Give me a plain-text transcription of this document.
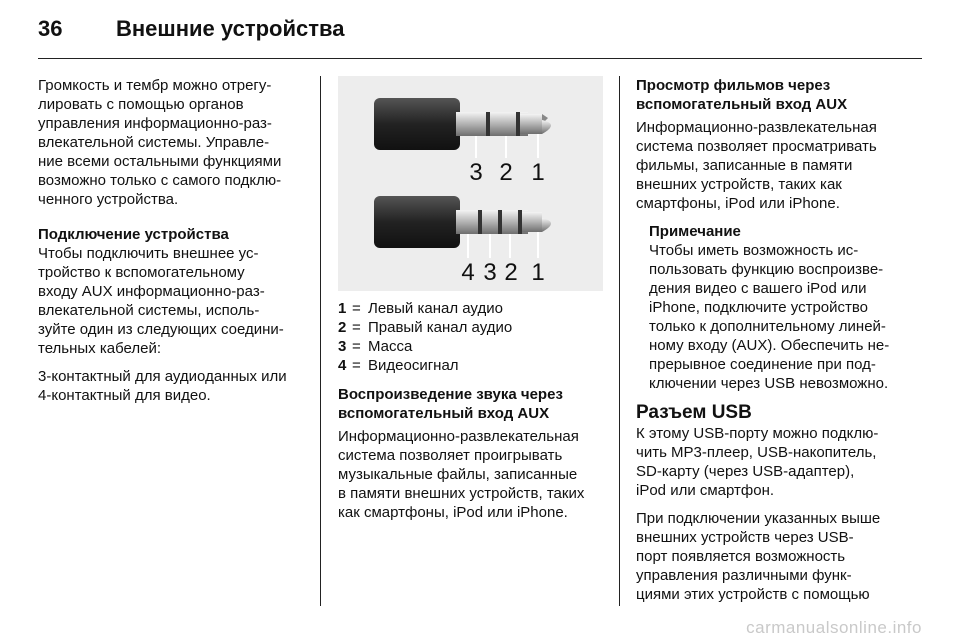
36	Внешние устройства

Громкость и тембр можно отрегу-
лировать с помощью органов
управления информационно-раз-
влекательной системы. Управле-
ние всеми остальными функциями
возможно только с самого подклю-
ченного устройства.

Подключение устройства
Чтобы подключить внешнее ус-
тройство к вспомогательному
входу AUX информационно-раз-
влекательной системы, исполь-
зуйте один из следующих соедини-
тельных кабелей:

3-контактный для аудиоданных или
4-контактный для видео.

3 2 1
4 3 2 1
1 = Левый канал аудио
2 = Правый канал аудио
3 = Масса
4 = Видеосигнал

Воспроизведение звука через
вспомогательный вход AUX

Информационно-развлекательная
система позволяет проигрывать
музыкальные файлы, записанные
в памяти внешних устройств, таких
как смартфоны, iPod или iPhone.

Просмотр фильмов через
вспомогательный вход AUX

Информационно-развлекательная
система позволяет просматривать
фильмы, записанные в памяти
внешних устройств, таких как
смартфоны, iPod или iPhone.

Примечание
Чтобы иметь возможность ис-
пользовать функцию воспроизве-
дения видео с вашего iPod или
iPhone, подключите устройство
только к дополнительному линей-
ному входу (AUX). Обеспечить не-
прерывное соединение при под-
ключении через USB невозможно.

Разъем USB

К этому USB-порту можно подклю-
чить MP3-плеер, USB-накопитель,
SD-карту (через USB-адаптер),
iPod или смартфон.

При подключении указанных выше
внешних устройств через USB-
порт появляется возможность
управления различными функ-
циями этих устройств с помощью

carmanualsonline.info
